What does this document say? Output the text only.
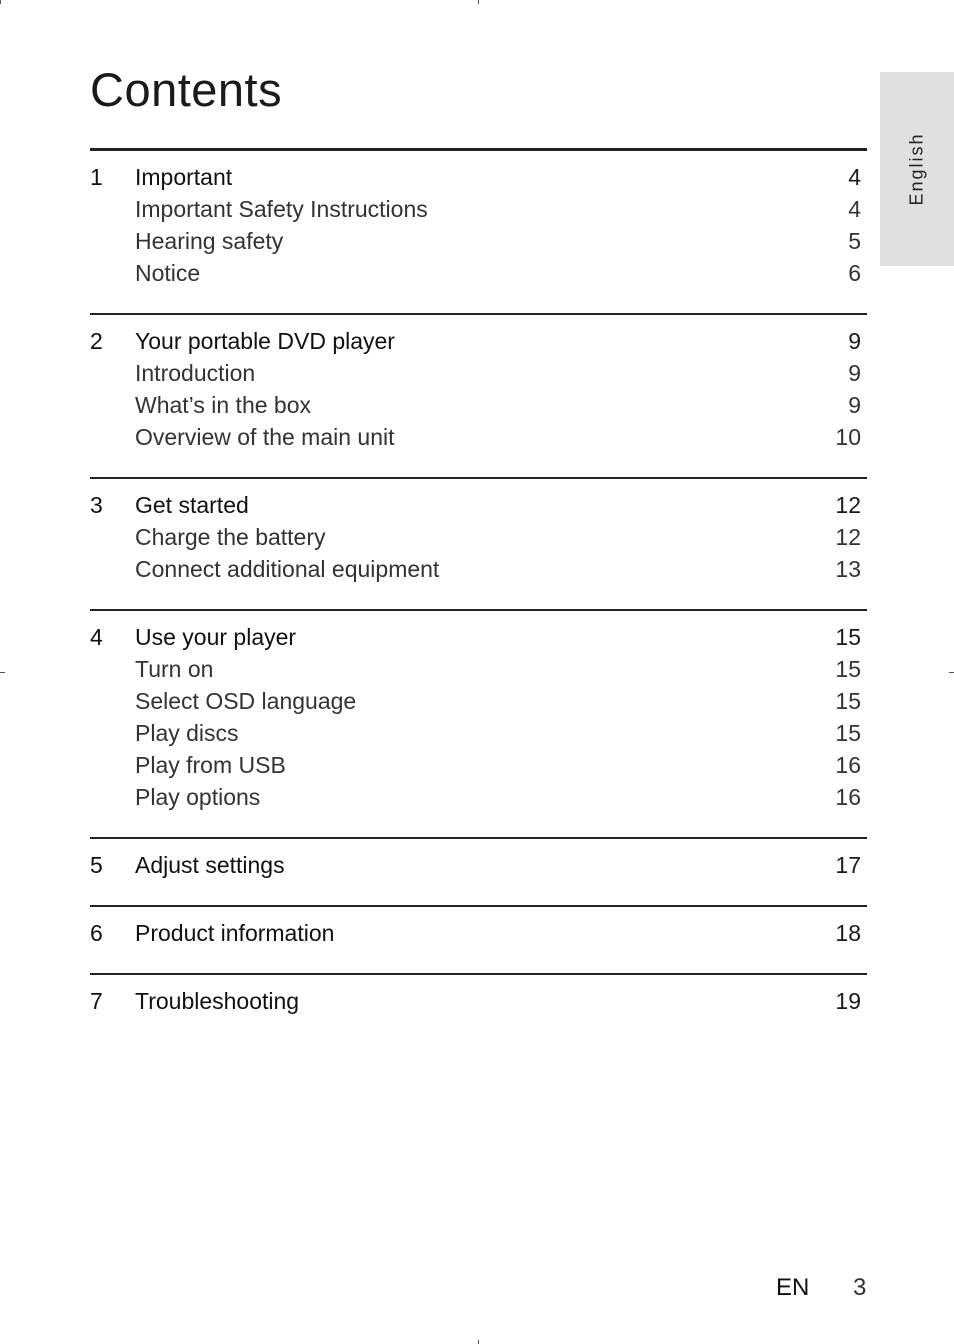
Contents
English
1	Important	4
Important Safety Instructions	4
Hearing safety	5
Notice	6
2	Your portable DVD player	9
Introduction	9
What’s in the box	9
Overview of the main unit	10
3	Get started	12
Charge the battery	12
Connect additional equipment	13
4	Use your player	15
Turn on	15
Select OSD language	15
Play discs	15
Play from USB	16
Play options	16
5	Adjust settings	17
6	Product information	18
7	Troubleshooting	19
EN 3
